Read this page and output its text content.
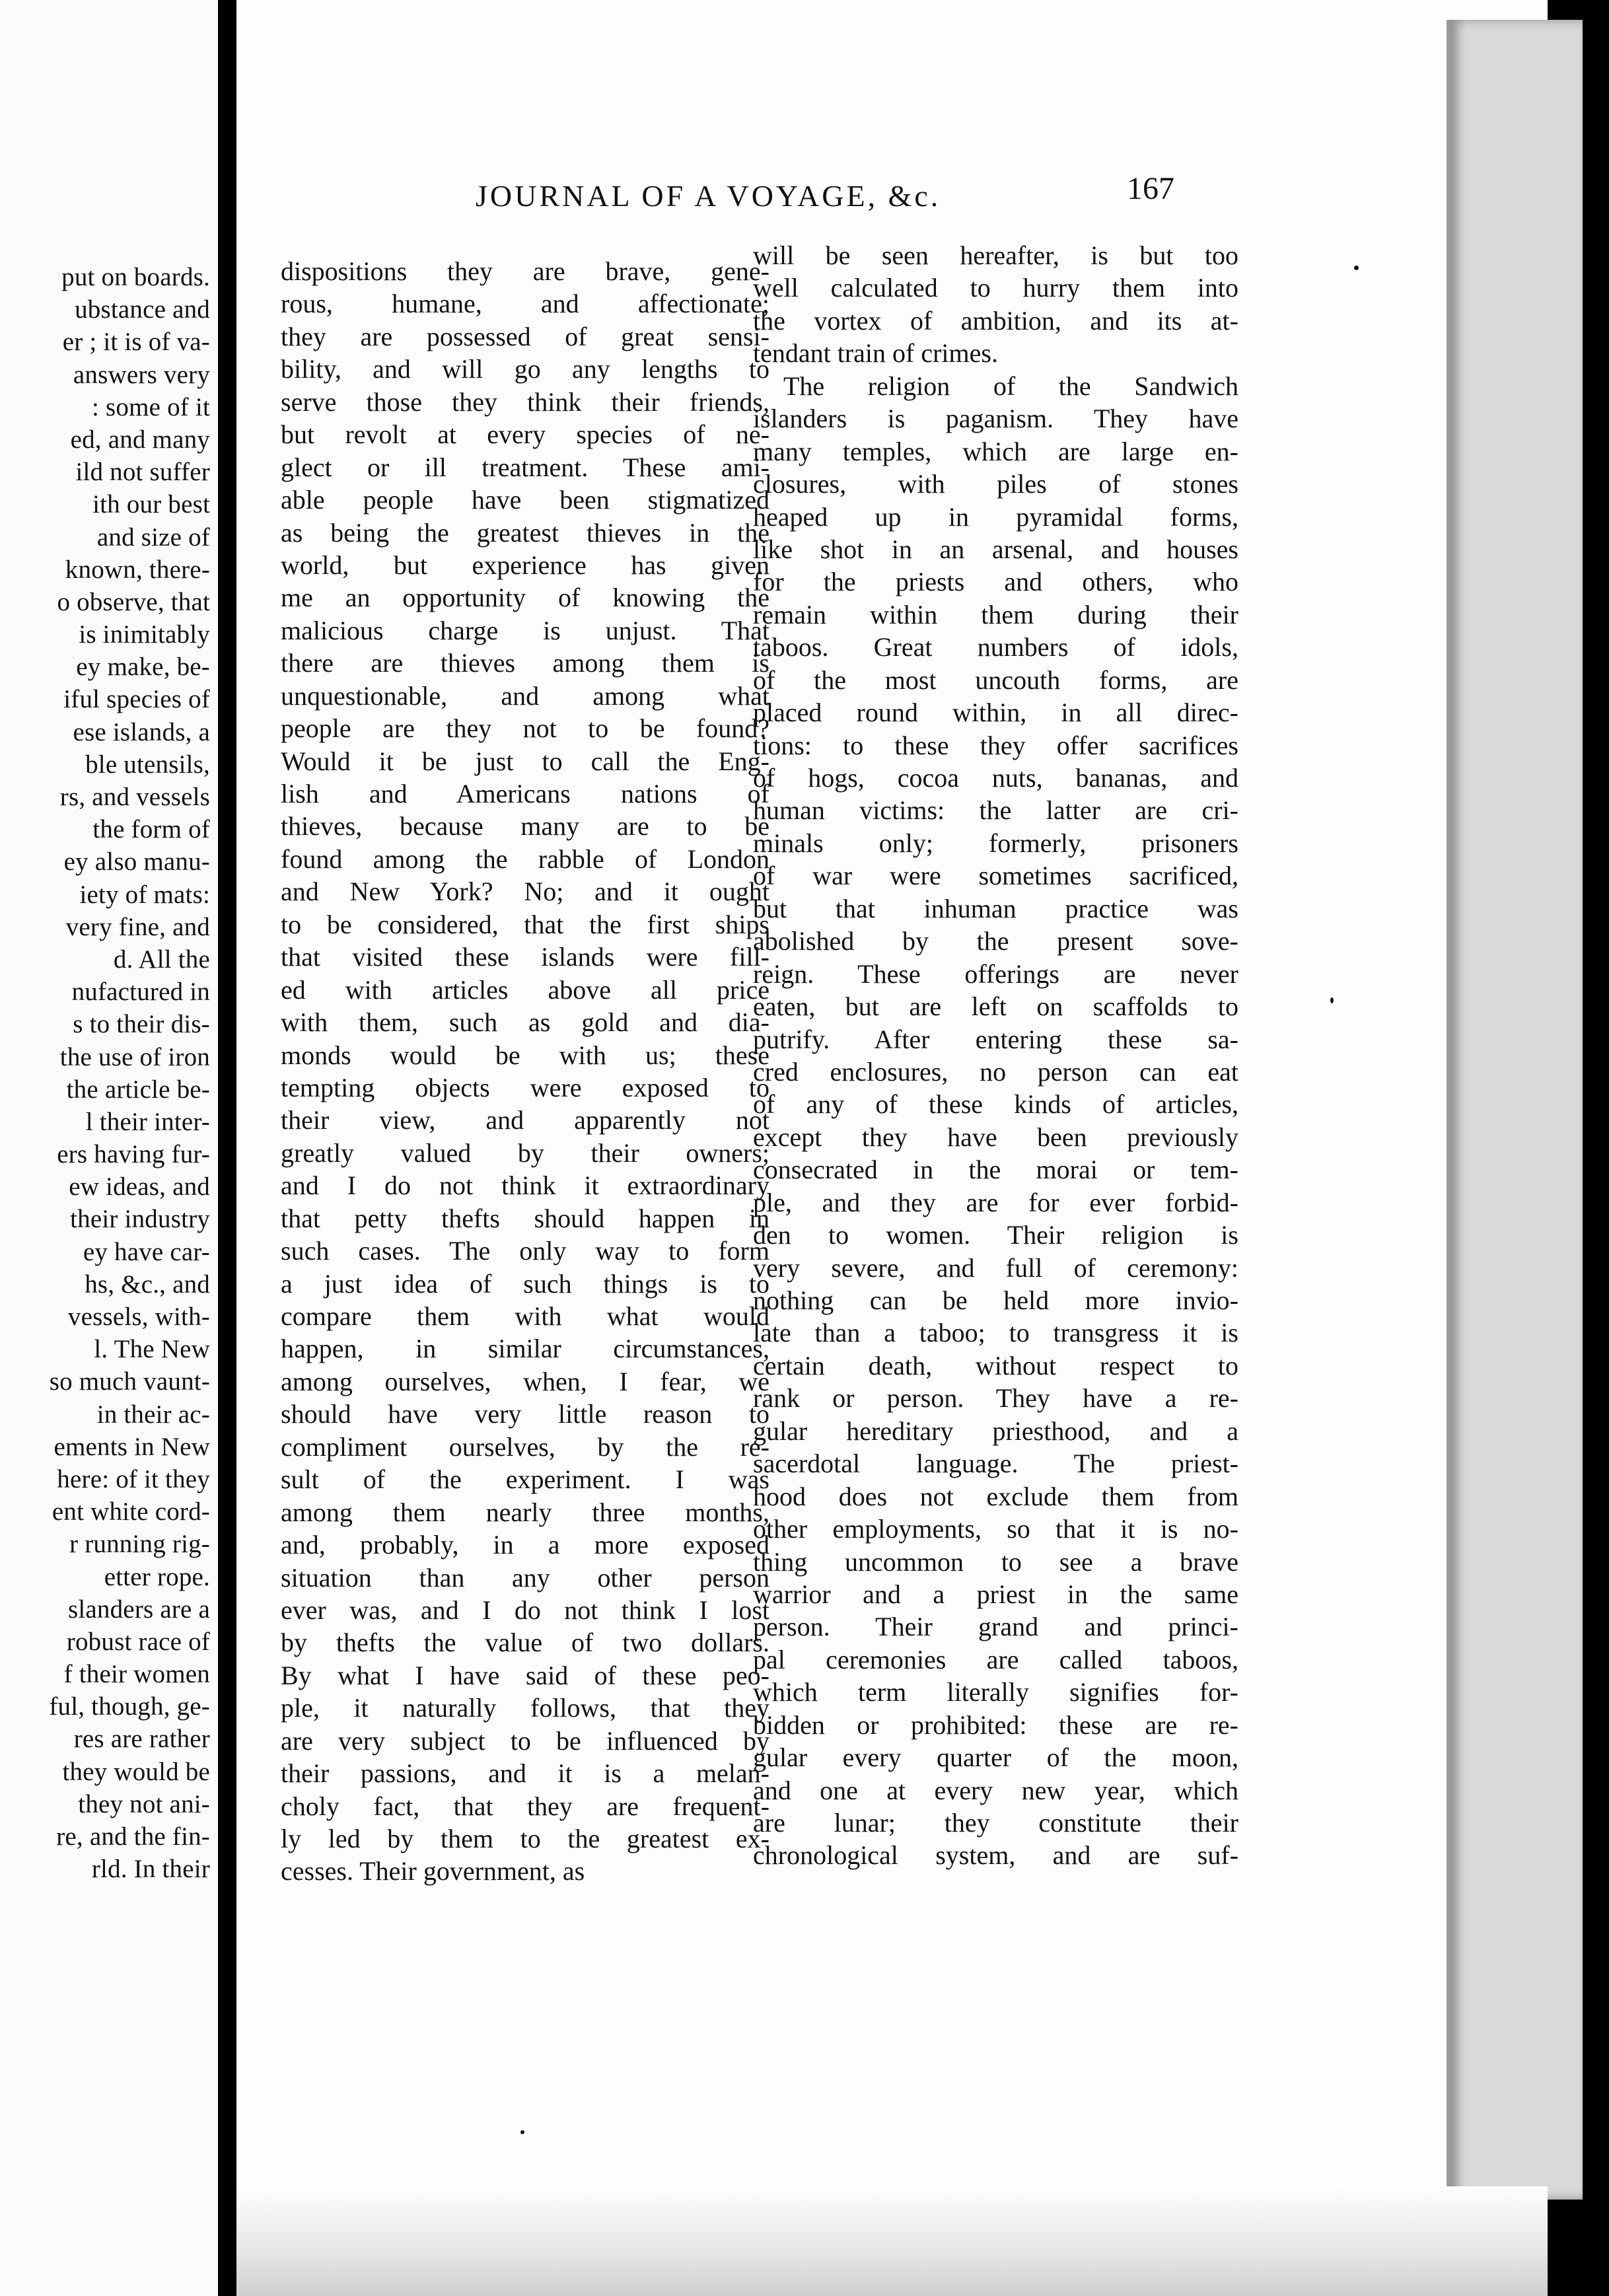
put on boards.
ubstance and
er ; it is of va-
answers very
: some of it
ed, and many
ild not suffer
ith our best
and size of
known, there-
o observe, that
is inimitably
ey make, be-
iful species of
ese islands, a
ble utensils,
rs, and vessels
the form of
ey also manu-
iety of mats:
very fine, and
d. All the
nufactured in
s to their dis-
the use of iron
the article be-
l their inter-
ers having fur-
ew ideas, and
their industry
ey have car-
hs, &c., and
vessels, with-
l. The New
so much vaunt-
in their ac-
ements in New
here: of it they
ent white cord-
r running rig-
etter rope.
slanders are a
robust race of
f their women
ful, though, ge-
res are rather
they would be
they not ani-
re, and the fin-
rld. In their
JOURNAL OF A VOYAGE, &c.	167
dispositions they are brave, gene-
rous, humane, and affectionate;
they are possessed of great sensi-
bility, and will go any lengths to
serve those they think their friends,
but revolt at every species of ne-
glect or ill treatment. These ami-
able people have been stigmatized
as being the greatest thieves in the
world, but experience has given
me an opportunity of knowing the
malicious charge is unjust. That
there are thieves among them is
unquestionable, and among what
people are they not to be found?
Would it be just to call the Eng-
lish and Americans nations of
thieves, because many are to be
found among the rabble of London
and New York? No; and it ought
to be considered, that the first ships
that visited these islands were fill-
ed with articles above all price
with them, such as gold and dia-
monds would be with us; these
tempting objects were exposed to
their view, and apparently not
greatly valued by their owners;
and I do not think it extraordinary
that petty thefts should happen in
such cases. The only way to form
a just idea of such things is to
compare them with what would
happen, in similar circumstances,
among ourselves, when, I fear, we
should have very little reason to
compliment ourselves, by the re-
sult of the experiment. I was
among them nearly three months,
and, probably, in a more exposed
situation than any other person
ever was, and I do not think I lost
by thefts the value of two dollars.
By what I have said of these peo-
ple, it naturally follows, that they
are very subject to be influenced by
their passions, and it is a melan-
choly fact, that they are frequent-
ly led by them to the greatest ex-
cesses. Their government, as
will be seen hereafter, is but too
well calculated to hurry them into
the vortex of ambition, and its at-
tendant train of crimes.
The religion of the Sandwich
islanders is paganism. They have
many temples, which are large en-
closures, with piles of stones
heaped up in pyramidal forms,
like shot in an arsenal, and houses
for the priests and others, who
remain within them during their
taboos. Great numbers of idols,
of the most uncouth forms, are
placed round within, in all direc-
tions: to these they offer sacrifices
of hogs, cocoa nuts, bananas, and
human victims: the latter are cri-
minals only; formerly, prisoners
of war were sometimes sacrificed,
but that inhuman practice was
abolished by the present sove-
reign. These offerings are never
eaten, but are left on scaffolds to
putrify. After entering these sa-
cred enclosures, no person can eat
of any of these kinds of articles,
except they have been previously
consecrated in the morai or tem-
ple, and they are for ever forbid-
den to women. Their religion is
very severe, and full of ceremony:
nothing can be held more invio-
late than a taboo; to transgress it is
certain death, without respect to
rank or person. They have a re-
gular hereditary priesthood, and a
sacerdotal language. The priest-
hood does not exclude them from
other employments, so that it is no-
thing uncommon to see a brave
warrior and a priest in the same
person. Their grand and princi-
pal ceremonies are called taboos,
which term literally signifies for-
bidden or prohibited: these are re-
gular every quarter of the moon,
and one at every new year, which
are lunar; they constitute their
chronological system, and are suf-
